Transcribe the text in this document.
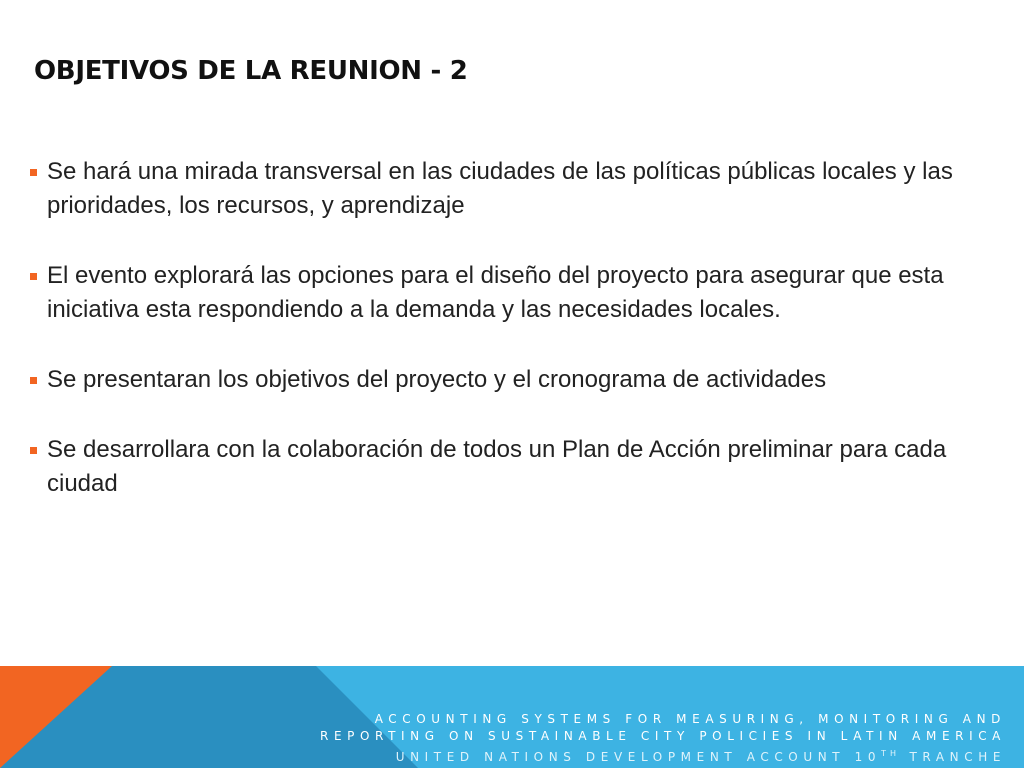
OBJETIVOS DE LA REUNION - 2
Se hará una mirada transversal en las ciudades de las políticas públicas locales y las prioridades, los recursos, y aprendizaje
El evento explorará las opciones para el diseño del proyecto para asegurar que esta iniciativa esta respondiendo a la demanda y las necesidades locales.
Se presentaran los objetivos del proyecto y el cronograma de actividades
Se desarrollara con la colaboración de todos un Plan de Acción preliminar para cada ciudad
ACCOUNTING SYSTEMS FOR MEASURING, MONITORING AND
REPORTING ON SUSTAINABLE CITY POLICIES IN LATIN AMERICA
UNITED NATIONS DEVELOPMENT ACCOUNT 10TH TRANCHE
